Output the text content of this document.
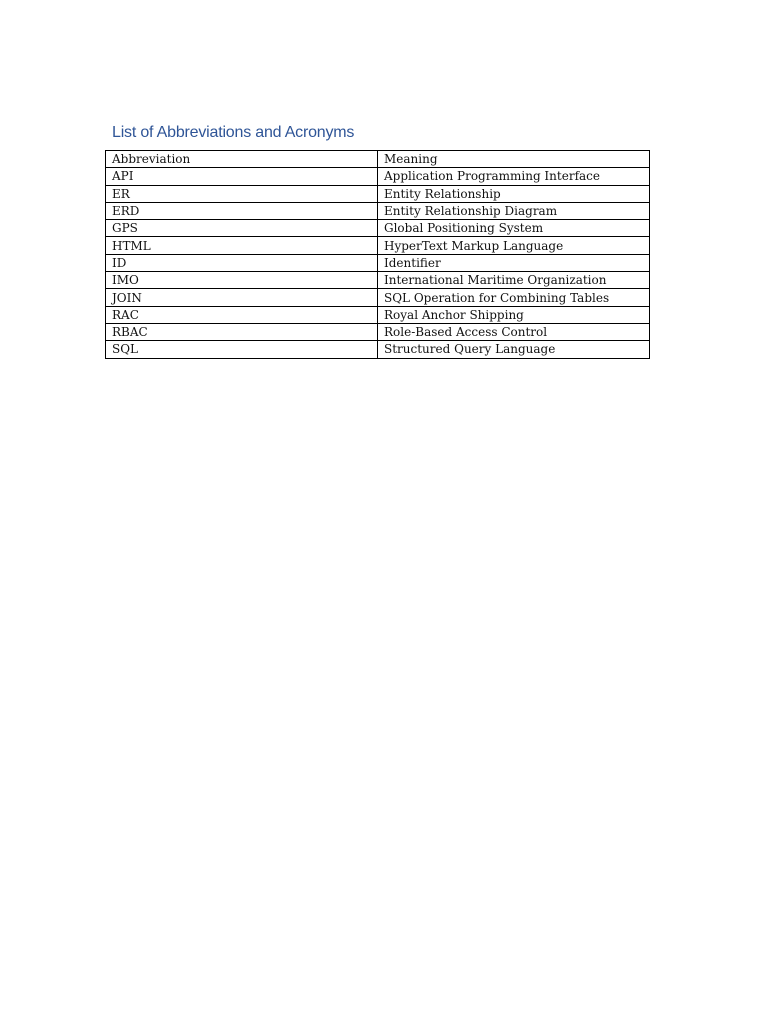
List of Abbreviations and Acronyms
Abbreviation	Meaning
API	Application Programming Interface
ER	Entity Relationship
ERD	Entity Relationship Diagram
GPS	Global Positioning System
HTML	HyperText Markup Language
ID	Identifier
IMO	International Maritime Organization
JOIN	SQL Operation for Combining Tables
RAC	Royal Anchor Shipping
RBAC	Role-Based Access Control
SQL	Structured Query Language
